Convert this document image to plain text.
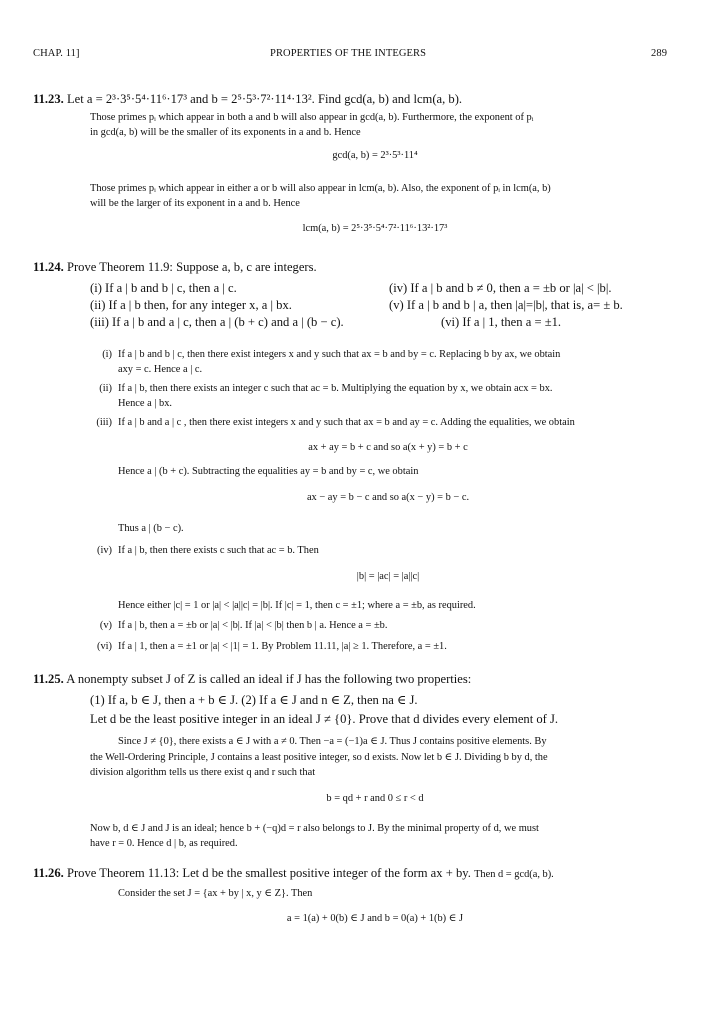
CHAP. 11]	PROPERTIES OF THE INTEGERS	289
11.23. Let a = 2³·3⁵·5⁴·11⁶·17³ and b = 2⁵·5³·7²·11⁴·13². Find gcd(a, b) and lcm(a, b).
Those primes pᵢ which appear in both a and b will also appear in gcd(a, b). Furthermore, the exponent of pᵢ
in gcd(a, b) will be the smaller of its exponents in a and b. Hence
gcd(a, b) = 2³·5³·11⁴
Those primes pᵢ which appear in either a or b will also appear in lcm(a, b). Also, the exponent of pᵢ in lcm(a, b)
will be the larger of its exponent in a and b. Hence
lcm(a, b) = 2⁵·3⁵·5⁴·7²·11⁶·13²·17³
11.24. Prove Theorem 11.9: Suppose a, b, c are integers.
(i) If a | b and b | c, then a | c.
(ii) If a | b then, for any integer x, a | bx.
(iii) If a | b and a | c, then a | (b + c) and a | (b − c).
(iv) If a | b and b ≠ 0, then a = ±b or |a| < |b|.
(v) If a | b and b | a, then |a|=|b|, that is, a= ± b.
(vi) If a | 1, then a = ±1.
(i) If a | b and b | c, then there exist integers x and y such that ax = b and by = c. Replacing b by ax, we obtain
axy = c. Hence a | c.
(ii) If a | b, then there exists an integer c such that ac = b. Multiplying the equation by x, we obtain acx = bx.
Hence a | bx.
(iii) If a | b and a | c , then there exist integers x and y such that ax = b and ay = c. Adding the equalities, we obtain
ax + ay = b + c and so a(x + y) = b + c
Hence a | (b + c). Subtracting the equalities ay = b and by = c, we obtain
ax − ay = b − c and so a(x − y) = b − c.
Thus a | (b − c).
(iv) If a | b, then there exists c such that ac = b. Then
|b| = |ac| = |a||c|
Hence either |c| = 1 or |a| < |a||c| = |b|. If |c| = 1, then c = ±1; where a = ±b, as required.
(v) If a | b, then a = ±b or |a| < |b|. If |a| < |b| then b | a. Hence a = ±b.
(vi) If a | 1, then a = ±1 or |a| < |1| = 1. By Problem 11.11, |a| ≥ 1. Therefore, a = ±1.
11.25. A nonempty subset J of Z is called an ideal if J has the following two properties:
(1) If a, b ∈ J, then a + b ∈ J. (2) If a ∈ J and n ∈ Z, then na ∈ J.
Let d be the least positive integer in an ideal J ≠ {0}. Prove that d divides every element of J.
Since J ≠ {0}, there exists a ∈ J with a ≠ 0. Then −a = (−1)a ∈ J. Thus J contains positive elements. By
the Well-Ordering Principle, J contains a least positive integer, so d exists. Now let b ∈ J. Dividing b by d, the
division algorithm tells us there exist q and r such that
b = qd + r and 0 ≤ r < d
Now b, d ∈ J and J is an ideal; hence b + (−q)d = r also belongs to J. By the minimal property of d, we must
have r = 0. Hence d | b, as required.
11.26. Prove Theorem 11.13: Let d be the smallest positive integer of the form ax + by. Then d = gcd(a, b).
Consider the set J = {ax + by | x, y ∈ Z}. Then
a = 1(a) + 0(b) ∈ J and b = 0(a) + 1(b) ∈ J
